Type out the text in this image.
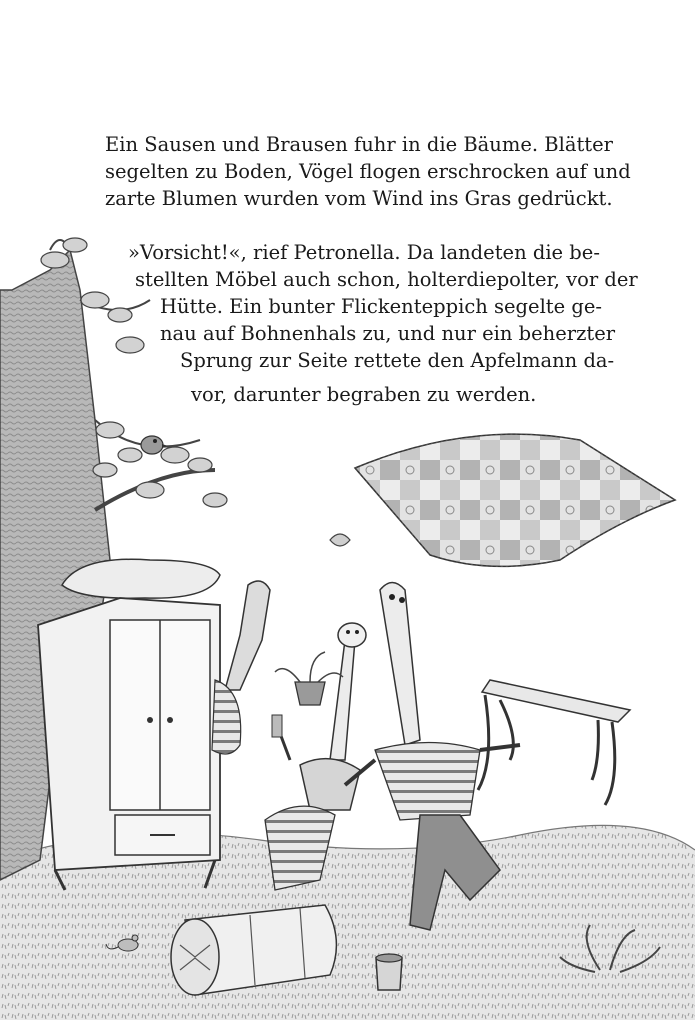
Ein Sausen und Brausen fuhr in die Bäume. Blätter
segelten zu Boden, Vögel flogen erschrocken auf und
zarte Blumen wurden vom Wind ins Gras gedrückt.
»Vorsicht!«, rief Petronella. Da landeten die be-
stellten Möbel auch schon, holterdiepolter, vor der
Hütte. Ein bunter Flickenteppich segelte ge-
nau auf Bohnenhals zu, und nur ein beherzter
Sprung zur Seite rettete den Apfelmann da-
vor, darunter begraben zu werden.
